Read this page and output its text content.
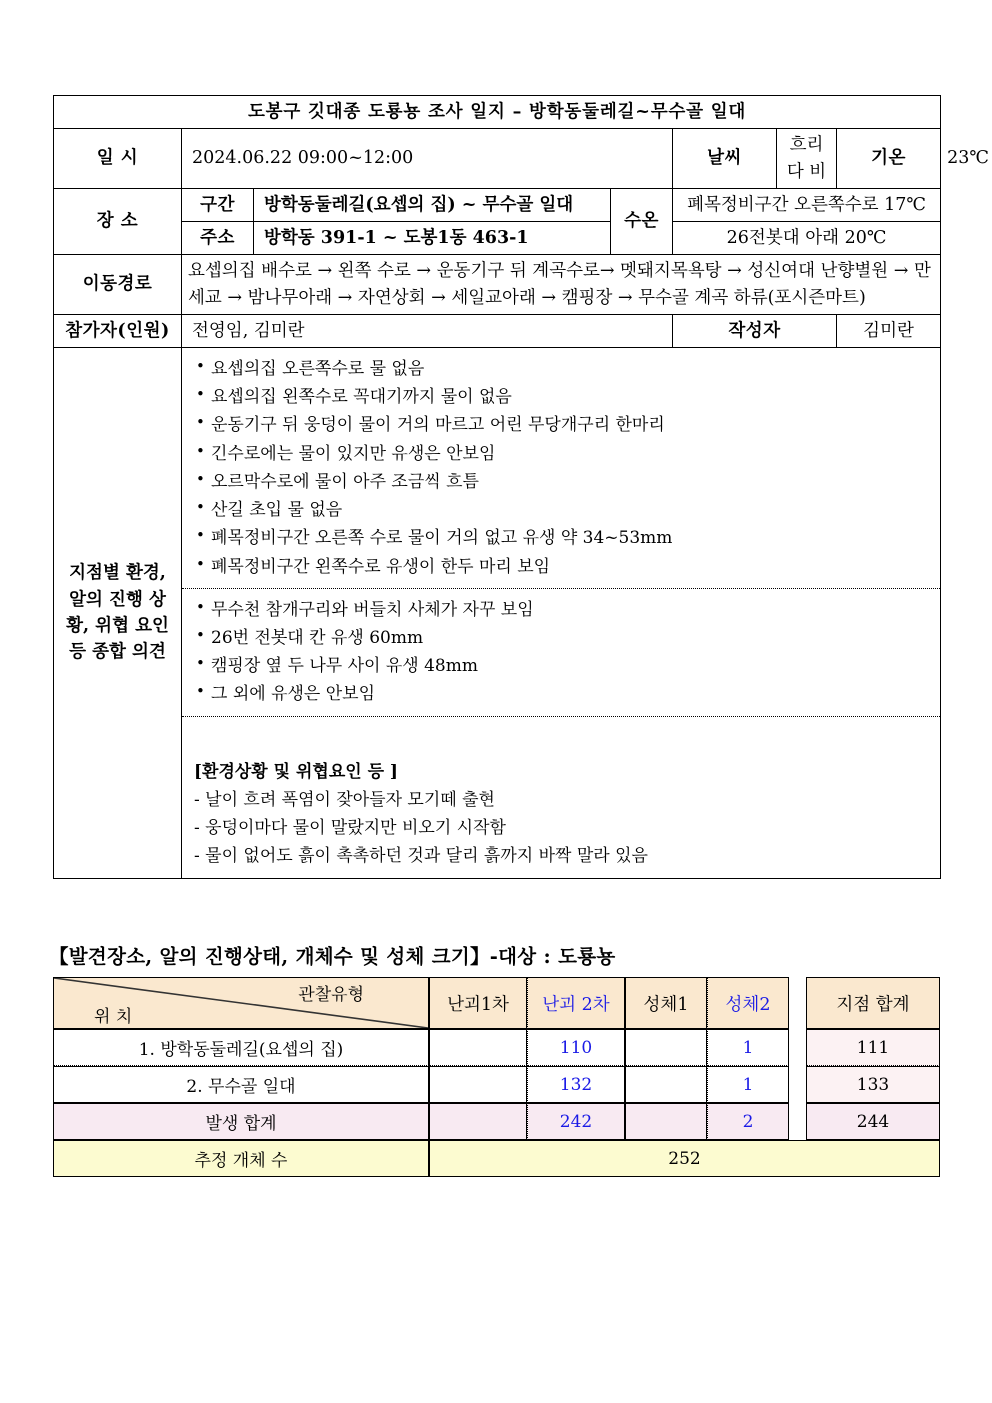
도봉구 깃대종 도룡뇽 조사 일지 – 방학동둘레길~무수골 일대							
일 시	2024.06.22 09:00~12:00			날씨	흐리다 비	기온	23℃
장 소	구간	방학동둘레길(요셉의 집) ~ 무수골 일대	수온	폐목정비구간 오른쪽수로 17℃			
	주소	방학동 391-1 ~ 도봉1동 463-1		26전봇대 아래 20℃			
이동경로	요셉의집 배수로 → 왼쪽 수로 → 운동기구 뒤 계곡수로→ 멧돼지목욕탕 → 성신여대 난향별원 → 만세교 → 밤나무아래 → 자연상회 → 세일교아래 → 캠핑장 → 무수골 계곡 하류(포시즌마트)						
참가자(인원)	전영임, 김미란			작성자		김미란	
지점별 환경, 알의 진행 상황, 위협 요인 등 종합 의견	
• 요셉의집 오른쪽수로 물 없음
• 요셉의집 왼쪽수로 꼭대기까지 물이 없음
• 운동기구 뒤 웅덩이 물이 거의 마르고 어린 무당개구리 한마리
• 긴수로에는 물이 있지만 유생은 안보임
• 오르막수로에 물이 아주 조금씩 흐틈
• 산길 초입 물 없음
• 폐목정비구간 오른쪽 수로 물이 거의 없고 유생 약 34~53mm
• 폐목정비구간 왼쪽수로 유생이 한두 마리 보임
• 무수천 참개구리와 버들치 사체가 자꾸 보임
• 26번 전봇대 칸 유생 60mm
• 캠핑장 옆 두 나무 사이 유생 48mm
• 그 외에 유생은 안보임
[환경상황 및 위협요인 등 ]
- 날이 흐려 폭염이 잦아들자 모기떼 출현
- 웅덩이마다 물이 말랐지만 비오기 시작함
- 물이 없어도 흙이 촉촉하던 것과 달리 흙까지 바짝 말라 있음
【발견장소, 알의 진행상태, 개체수 및 성체 크기】-대상 : 도룡뇽
관찰유형
위 치	난괴1차	난괴 2차	성체1	성체2		지점 합계
1. 방학동둘레길(요셉의 집)		110		1		111
2. 무수골 일대		132		1		133
발생 합계		242		2		244
추정 개체 수	252					
